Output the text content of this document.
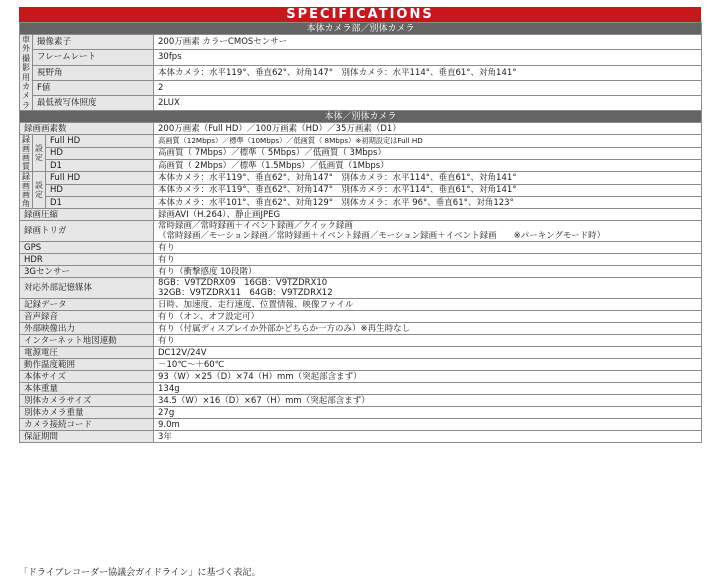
SPECIFICATIONS
本体カメラ部／別体カメラ			
車外撮影用カメラ	撮像素子		200万画素 カラーCMOSセンサー
	フレームレート		30fps
	視野角		本体カメラ：水平119°、垂直62°、対角147°　別体カメラ：水平114°、垂直61°、対角141°
	F値		2
	最低被写体照度		2LUX
本体／別体カメラ			
録画画素数			200万画素（Full HD）／100万画素（HD）／35万画素（D1）
録画画質	設定	Full HD	高画質（12Mbps）／標準（10Mbps）／低画質（ 8Mbps）※初期設定はFull HD
		HD	高画質（ 7Mbps）／標準（ 5Mbps）／低画質（ 3Mbps）
		D1	高画質（ 2Mbps）／標準（1.5Mbps）／低画質（1Mbps）
録画画角	設定	Full HD	本体カメラ：水平119°、垂直62°、対角147°　別体カメラ：水平114°、垂直61°、対角141°
		HD	本体カメラ：水平119°、垂直62°、対角147°　別体カメラ：水平114°、垂直61°、対角141°
		D1	本体カメラ：水平101°、垂直62°、対角129°　別体カメラ：水平 96°、垂直61°、対角123°
録画圧縮			録画AVI（H.264）、静止画JPEG
録画トリガ			常時録画／常時録画＋イベント録画／クイック録画
（常時録画／モーション録画／常時録画＋イベント録画／モーション録画＋イベント録画　　※パーキングモード時）

GPS			有り
HDR			有り
3Gセンサー			有り（衝撃感度 10段階）
対応外部記憶媒体			8GB：V9TZDRX09　16GB：V9TZDRX10
32GB：V9TZDRX11　64GB：V9TZDRX12

記録データ			日時、加速度、走行速度、位置情報、映像ファイル
音声録音			有り（オン、オフ設定可）
外部映像出力			有り（付属ディスプレイか外部かどちらか一方のみ）※再生時なし
インターネット地図連動			有り
電源電圧			DC12V/24V
動作温度範囲			－10℃～＋60℃
本体サイズ			93（W）×25（D）×74（H）mm（突起部含まず）
本体重量			134g
別体カメラサイズ			34.5（W）×16（D）×67（H）mm（突起部含まず）
別体カメラ重量			27g
カメラ接続コード			9.0m
保証期間			3年
「ドライブレコーダー協議会ガイドライン」に基づく表記。
